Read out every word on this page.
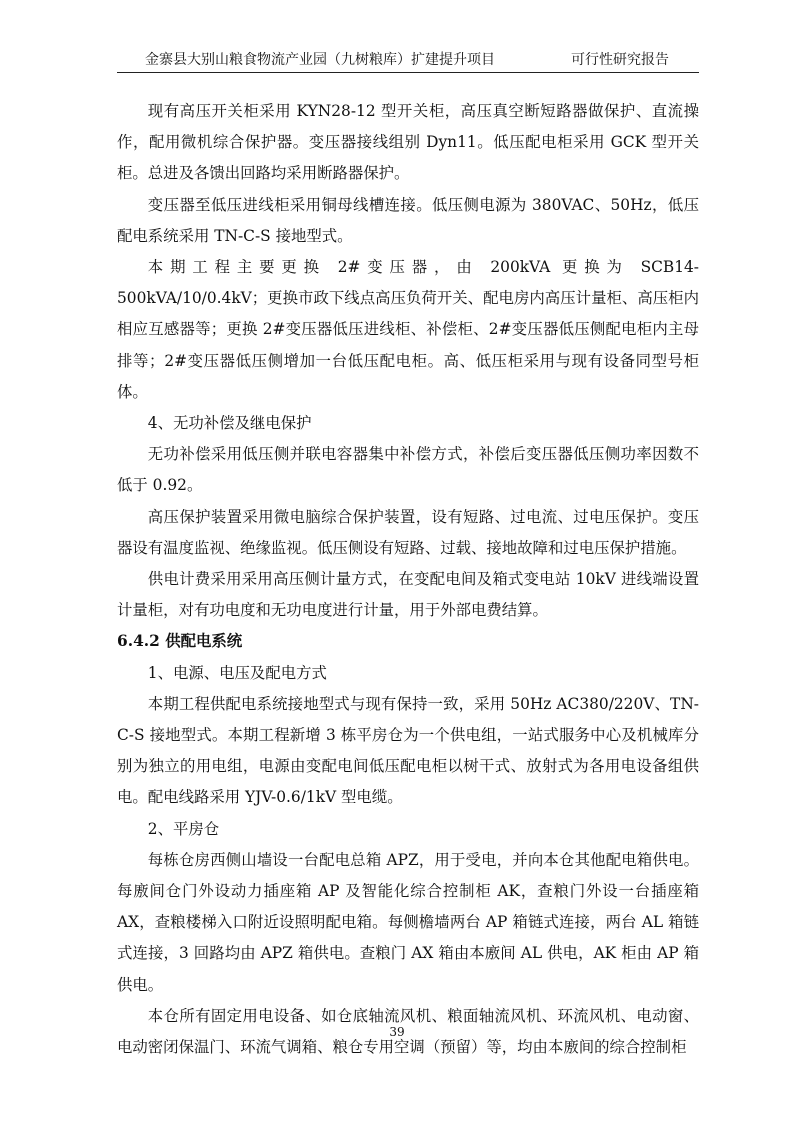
金寨县大别山粮食物流产业园（九树粮库）扩建提升项目	可行性研究报告

现有高压开关柜采用 KYN28-12 型开关柜，高压真空断短路器做保护、直流操作，配用微机综合保护器。变压器接线组别 Dyn11。低压配电柜采用 GCK 型开关柜。总进及各馈出回路均采用断路器保护。

变压器至低压进线柜采用铜母线槽连接。低压侧电源为 380VAC、50Hz，低压配电系统采用 TN-C-S 接地型式。

本期工程主要更换 2#变压器，由 200kVA 更换为 SCB14-500kVA/10/0.4kV；更换市政下线点高压负荷开关、配电房内高压计量柜、高压柜内相应互感器等；更换 2#变压器低压进线柜、补偿柜、2#变压器低压侧配电柜内主母排等；2#变压器低压侧增加一台低压配电柜。高、低压柜采用与现有设备同型号柜体。

4、无功补偿及继电保护

无功补偿采用低压侧并联电容器集中补偿方式，补偿后变压器低压侧功率因数不低于 0.92。

高压保护装置采用微电脑综合保护装置，设有短路、过电流、过电压保护。变压器设有温度监视、绝缘监视。低压侧设有短路、过载、接地故障和过电压保护措施。

供电计费采用采用高压侧计量方式，在变配电间及箱式变电站 10kV 进线端设置计量柜，对有功电度和无功电度进行计量，用于外部电费结算。

6.4.2 供配电系统

1、电源、电压及配电方式

本期工程供配电系统接地型式与现有保持一致，采用 50Hz AC380/220V、TN-C-S 接地型式。本期工程新增 3 栋平房仓为一个供电组，一站式服务中心及机械库分别为独立的用电组，电源由变配电间低压配电柜以树干式、放射式为各用电设备组供电。配电线路采用 YJV-0.6/1kV 型电缆。

2、平房仓

每栋仓房西侧山墙设一台配电总箱 APZ，用于受电，并向本仓其他配电箱供电。每廒间仓门外设动力插座箱 AP 及智能化综合控制柜 AK，查粮门外设一台插座箱 AX，查粮楼梯入口附近设照明配电箱。每侧檐墙两台 AP 箱链式连接，两台 AL 箱链式连接，3 回路均由 APZ 箱供电。查粮门 AX 箱由本廒间 AL 供电，AK 柜由 AP 箱供电。

本仓所有固定用电设备、如仓底轴流风机、粮面轴流风机、环流风机、电动窗、电动密闭保温门、环流气调箱、粮仓专用空调（预留）等，均由本廒间的综合控制柜

39
